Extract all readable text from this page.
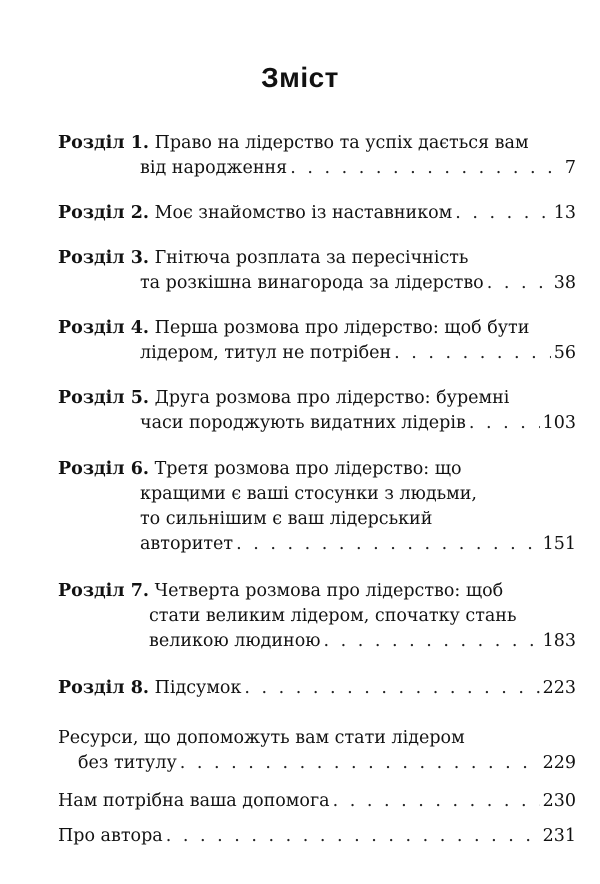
Зміст
Розділ 1. Право на лідерство та успіх дається вам
від народження . . .	7
Розділ 2. Моє знайомство із наставником . . .	13
Розділ 3. Гнітюча розплата за пересічність
та розкішна винагорода за лідерство . . .	38
Розділ 4. Перша розмова про лідерство: щоб бути
лідером, титул не потрібен . . .	56
Розділ 5. Друга розмова про лідерство: буремні
часи породжують видатних лідерів . . .	103
Розділ 6. Третя розмова про лідерство: що
кращими є ваші стосунки з людьми,
то сильнішим є ваш лідерський
авторитет . . .	151
Розділ 7. Четверта розмова про лідерство: щоб
стати великим лідером, спочатку стань
великою людиною . . .	183
Розділ 8. Підсумок . . .	223
Ресурси, що допоможуть вам стати лідером
без титулу . . .	229
Нам потрібна ваша допомога . . .	230
Про автора . . .	231
